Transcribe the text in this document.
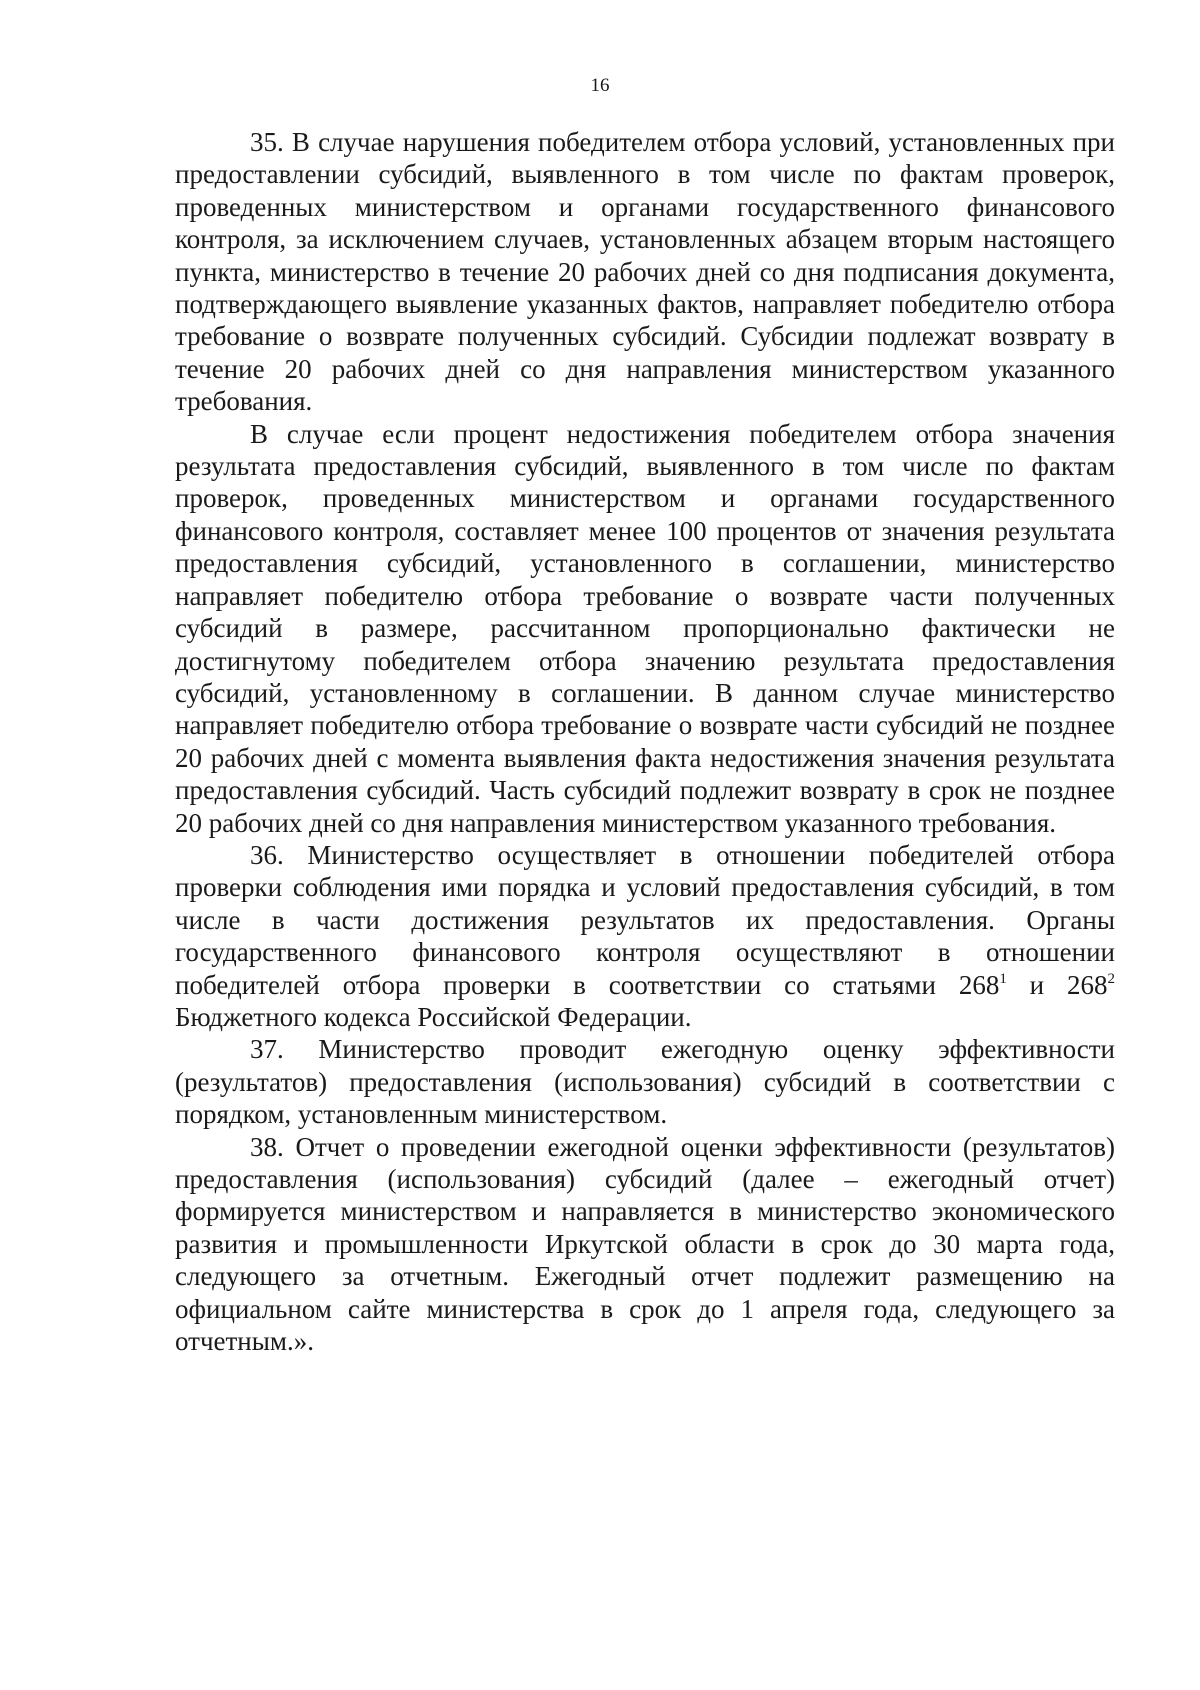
16

35. В случае нарушения победителем отбора условий, установленных при предоставлении субсидий, выявленного в том числе по фактам проверок, проведенных министерством и органами государственного финансового контроля, за исключением случаев, установленных абзацем вторым настоящего пункта, министерство в течение 20 рабочих дней со дня подписания документа, подтверждающего выявление указанных фактов, направляет победителю отбора требование о возврате полученных субсидий. Субсидии подлежат возврату в течение 20 рабочих дней со дня направления министерством указанного требования.

В случае если процент недостижения победителем отбора значения результата предоставления субсидий, выявленного в том числе по фактам проверок, проведенных министерством и органами государственного финансового контроля, составляет менее 100 процентов от значения результата предоставления субсидий, установленного в соглашении, министерство направляет победителю отбора требование о возврате части полученных субсидий в размере, рассчитанном пропорционально фактически не достигнутому победителем отбора значению результата предоставления субсидий, установленному в соглашении. В данном случае министерство направляет победителю отбора требование о возврате части субсидий не позднее 20 рабочих дней с момента выявления факта недостижения значения результата предоставления субсидий. Часть субсидий подлежит возврату в срок не позднее 20 рабочих дней со дня направления министерством указанного требования.

36. Министерство осуществляет в отношении победителей отбора проверки соблюдения ими порядка и условий предоставления субсидий, в том числе в части достижения результатов их предоставления. Органы государственного финансового контроля осуществляют в отношении победителей отбора проверки в соответствии со статьями $268^1$ и $268^2$ Бюджетного кодекса Российской Федерации.

37. Министерство проводит ежегодную оценку эффективности (результатов) предоставления (использования) субсидий в соответствии с порядком, установленным министерством.

38. Отчет о проведении ежегодной оценки эффективности (результатов) предоставления (использования) субсидий (далее – ежегодный отчет) формируется министерством и направляется в министерство экономического развития и промышленности Иркутской области в срок до 30 марта года, следующего за отчетным. Ежегодный отчет подлежит размещению на официальном сайте министерства в срок до 1 апреля года, следующего за отчетным.».
